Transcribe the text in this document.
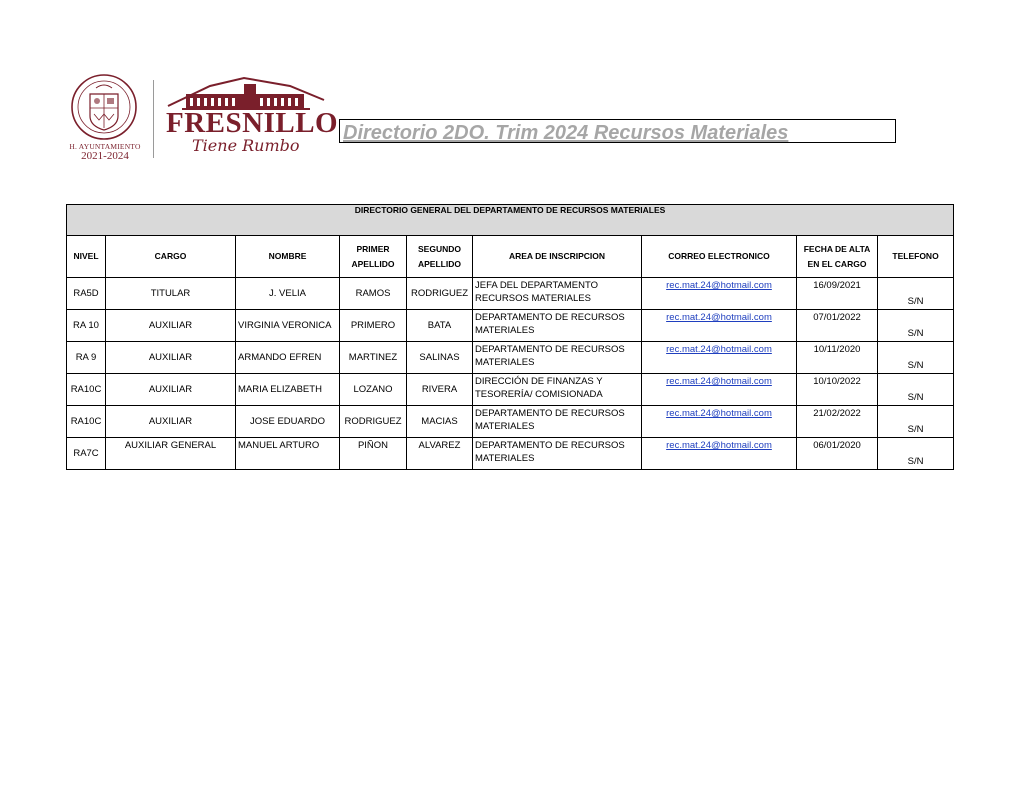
H. AYUNTAMIENTO
2021-2024
FRESNILLO
Tiene Rumbo
Directorio 2DO. Trim 2024 Recursos Materiales
DIRECTORIO GENERAL DEL DEPARTAMENTO DE RECURSOS MATERIALES								
NIVEL	CARGO	NOMBRE	PRIMER APELLIDO	SEGUNDO APELLIDO	AREA DE INSCRIPCION	CORREO ELECTRONICO	FECHA DE ALTA EN EL CARGO	TELEFONO
RA5D	TITULAR	J. VELIA	RAMOS	RODRIGUEZ	JEFA DEL DEPARTAMENTO RECURSOS MATERIALES	rec.mat.24@hotmail.com	16/09/2021	S/N
RA 10	AUXILIAR	VIRGINIA VERONICA	PRIMERO	BATA	DEPARTAMENTO DE RECURSOS MATERIALES	rec.mat.24@hotmail.com	07/01/2022	S/N
RA 9	AUXILIAR	ARMANDO EFREN	MARTINEZ	SALINAS	DEPARTAMENTO DE RECURSOS MATERIALES	rec.mat.24@hotmail.com	10/11/2020	S/N
RA10C	AUXILIAR	MARIA ELIZABETH	LOZANO	RIVERA	DIRECCIÓN DE FINANZAS Y TESORERÍA/ COMISIONADA	rec.mat.24@hotmail.com	10/10/2022	S/N
RA10C	AUXILIAR	JOSE EDUARDO	RODRIGUEZ	MACIAS	DEPARTAMENTO DE RECURSOS MATERIALES	rec.mat.24@hotmail.com	21/02/2022	S/N
RA7C	AUXILIAR GENERAL	MANUEL ARTURO	PIÑON	ALVAREZ	DEPARTAMENTO DE RECURSOS MATERIALES	rec.mat.24@hotmail.com	06/01/2020	S/N
